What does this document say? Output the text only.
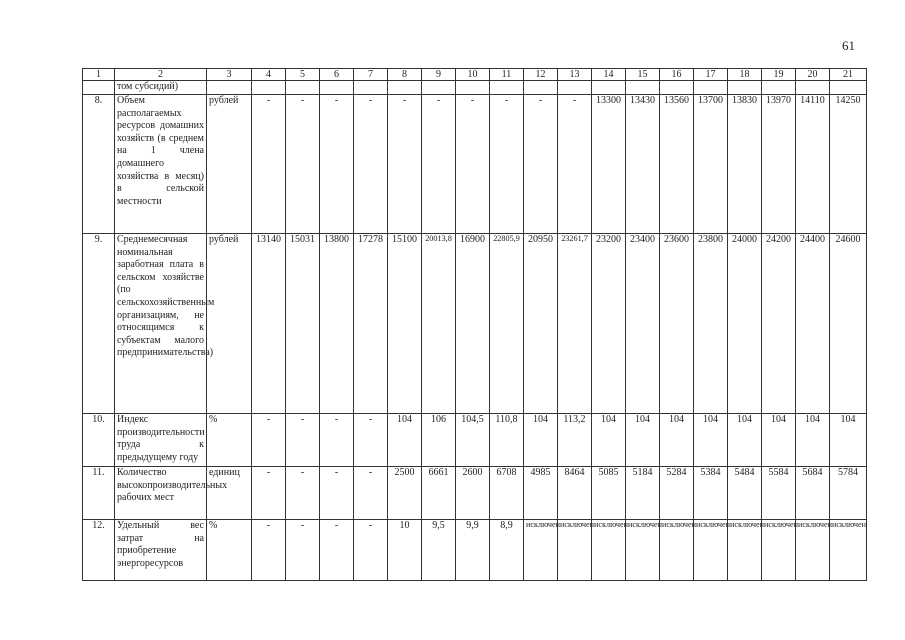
61
1	2	3	4	5	6	7	8	9	10	11	12	13	14	15	16	17	18	19	20	21
	том субсидий)																			
8.	Объем располагаемых ресурсов домашних хозяйств (в среднем на 1 члена домашнего хозяйства в месяц) в сельской местности	рублей	-	-	-	-	-	-	-	-	-	-	13300	13430	13560	13700	13830	13970	14110	14250
9.	Среднемесячная номинальная заработная плата в сельском хозяйстве (по сельскохозяйственным организациям, не относящимся к субъектам малого предпринимательства)	рублей	13140	15031	13800	17278	15100	20013,8	16900	22805,9	20950	23261,7	23200	23400	23600	23800	24000	24200	24400	24600
10.	Индекс производительности труда к предыдущему году	%	-	-	-	-	104	106	104,5	110,8	104	113,2	104	104	104	104	104	104	104	104
11.	Количество высокопроизводительных рабочих мест	единиц	-	-	-	-	2500	6661	2600	6708	4985	8464	5085	5184	5284	5384	5484	5584	5684	5784
12.	Удельный вес затрат на приобретение энергоресурсов	%	-	-	-	-	10	9,5	9,9	8,9	исключен	исключен	исключен	исключен	исключен	исключен	исключен	исключен	исключен	исключен
